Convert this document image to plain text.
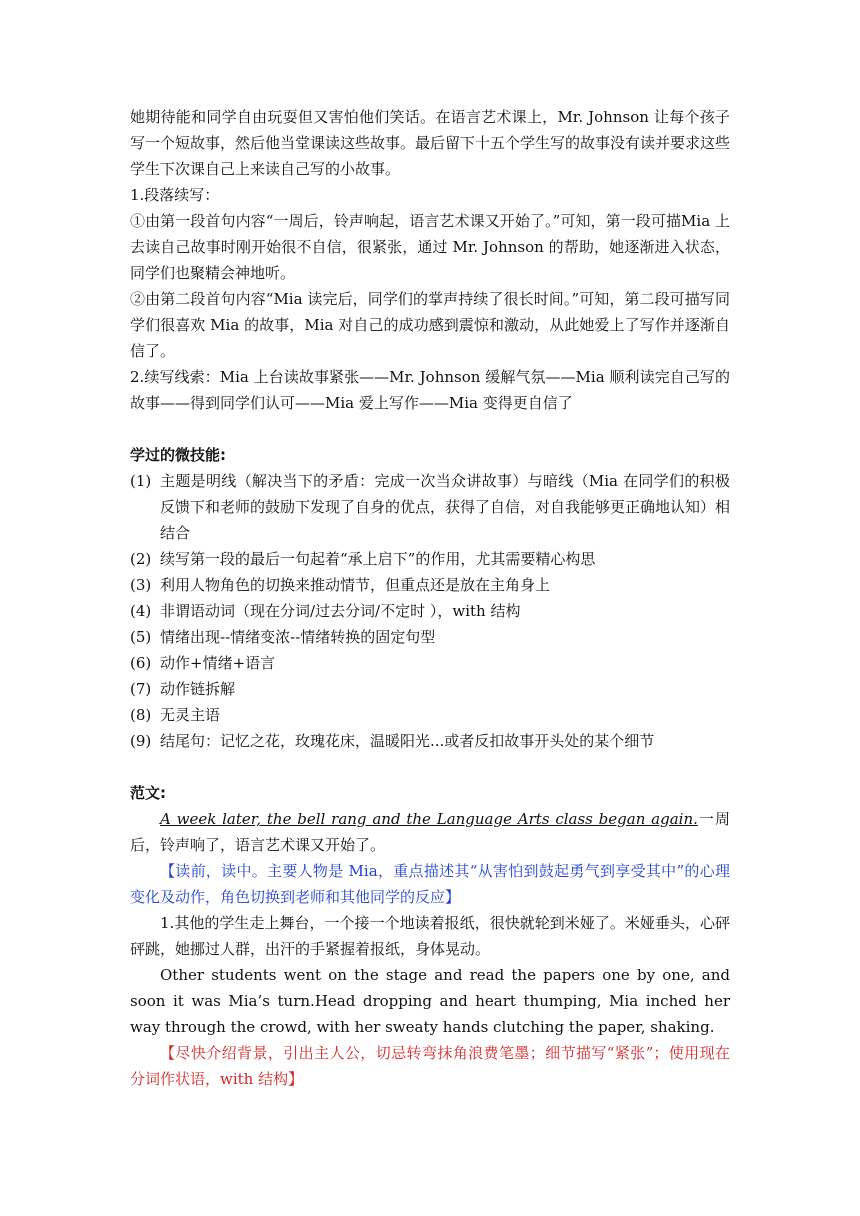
她期待能和同学自由玩耍但又害怕他们笑话。在语言艺术课上，Mr. Johnson 让每个孩子写一个短故事，然后他当堂课读这些故事。最后留下十五个学生写的故事没有读并要求这些学生下次课自己上来读自己写的小故事。

1.段落续写：

①由第一段首句内容“一周后，铃声响起，语言艺术课又开始了。”可知，第一段可描Mia 上去读自己故事时刚开始很不自信，很紧张，通过 Mr. Johnson 的帮助，她逐渐进入状态，同学们也聚精会神地听。

②由第二段首句内容“Mia 读完后，同学们的掌声持续了很长时间。”可知，第二段可描写同学们很喜欢 Mia 的故事，Mia 对自己的成功感到震惊和激动，从此她爱上了写作并逐渐自信了。

2.续写线索：Mia 上台读故事紧张——Mr. Johnson 缓解气氛——Mia 顺利读完自己写的故事——得到同学们认可——Mia 爱上写作——Mia 变得更自信了

学过的微技能:

(1) 主题是明线（解决当下的矛盾：完成一次当众讲故事）与暗线（Mia 在同学们的积极反馈下和老师的鼓励下发现了自身的优点，获得了自信，对自我能够更正确地认知）相结合
(2) 续写第一段的最后一句起着“承上启下”的作用，尤其需要精心构思
(3) 利用人物角色的切换来推动情节，但重点还是放在主角身上
(4) 非谓语动词（现在分词/过去分词/不定时 ），with 结构
(5) 情绪出现--情绪变浓--情绪转换的固定句型
(6) 动作+情绪+语言
(7) 动作链拆解
(8) 无灵主语
(9) 结尾句：记忆之花，玫瑰花床，温暖阳光...或者反扣故事开头处的某个细节

范文:

A week later, the bell rang and the Language Arts class began again.一周后，铃声响了，语言艺术课又开始了。

【读前，读中。主要人物是 Mia，重点描述其“从害怕到鼓起勇气到享受其中”的心理变化及动作，角色切换到老师和其他同学的反应】

1.其他的学生走上舞台，一个接一个地读着报纸，很快就轮到米娅了。米娅垂头，心砰砰跳，她挪过人群，出汗的手紧握着报纸，身体晃动。

Other students went on the stage and read the papers one by one, and soon it was Mia’s turn.Head dropping and heart thumping, Mia inched her way through the crowd, with her sweaty hands clutching the paper, shaking.

【尽快介绍背景，引出主人公，切忌转弯抹角浪费笔墨；细节描写“紧张”；使用现在分词作状语，with 结构】
